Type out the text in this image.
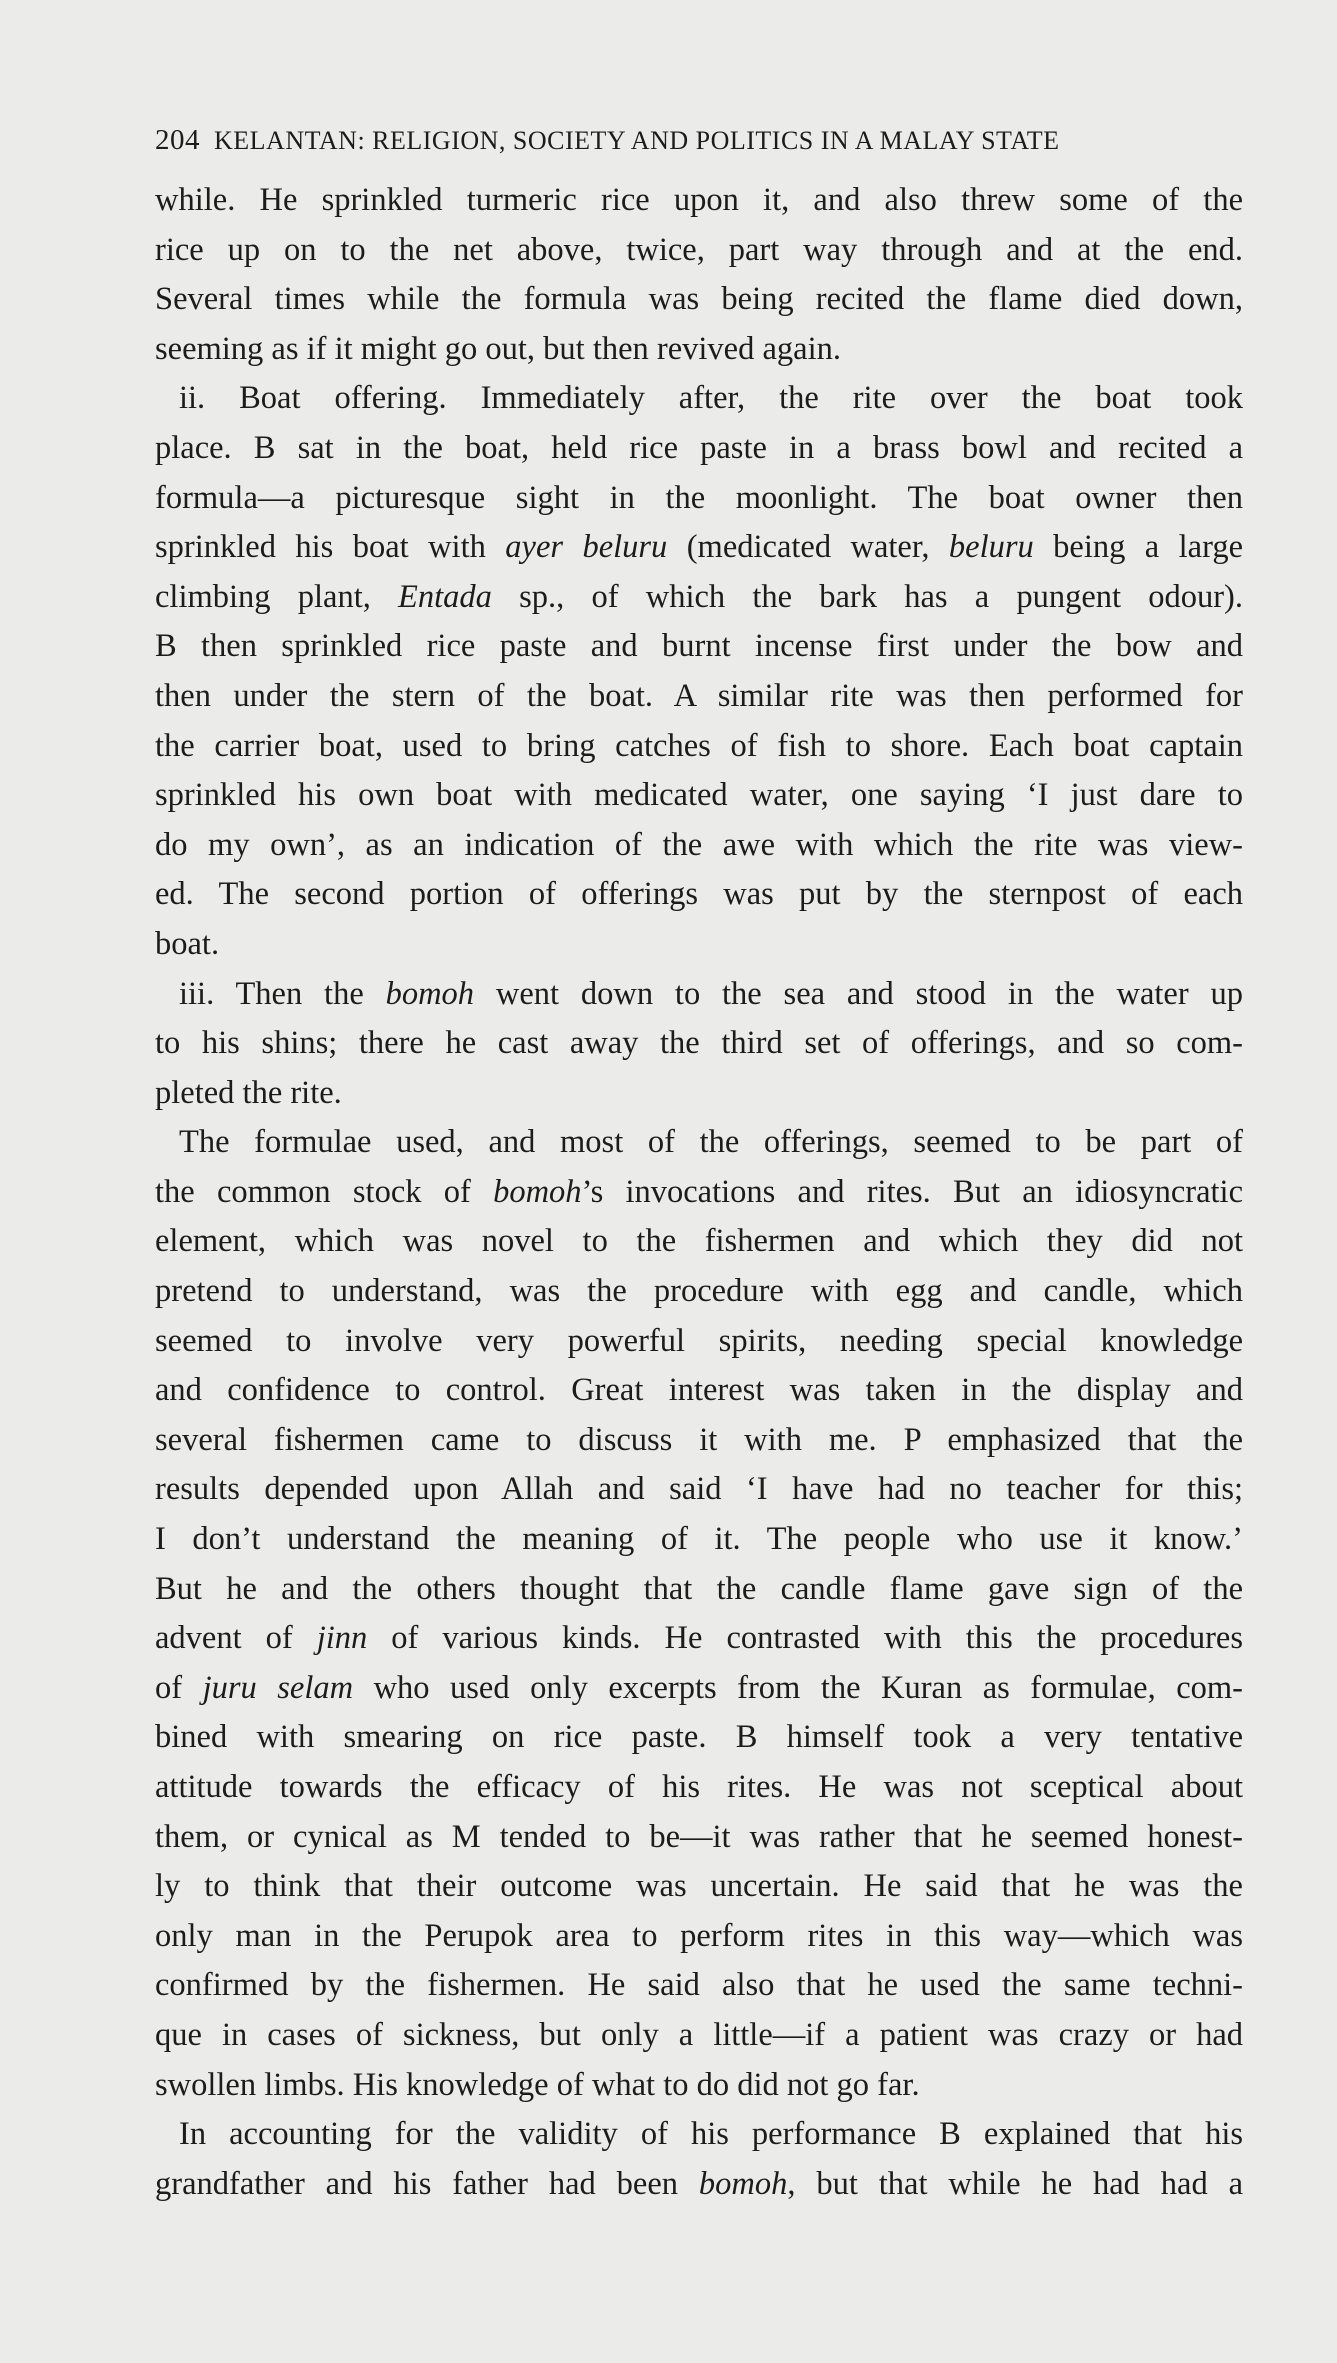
204 KELANTAN: RELIGION, SOCIETY AND POLITICS IN A MALAY STATE
while. He sprinkled turmeric rice upon it, and also threw some of the
rice up on to the net above, twice, part way through and at the end.
Several times while the formula was being recited the flame died down,
seeming as if it might go out, but then revived again.
ii. Boat offering. Immediately after, the rite over the boat took
place. B sat in the boat, held rice paste in a brass bowl and recited a
formula—a picturesque sight in the moonlight. The boat owner then
sprinkled his boat with ayer beluru (medicated water, beluru being a large
climbing plant, Entada sp., of which the bark has a pungent odour).
B then sprinkled rice paste and burnt incense first under the bow and
then under the stern of the boat. A similar rite was then performed for
the carrier boat, used to bring catches of fish to shore. Each boat captain
sprinkled his own boat with medicated water, one saying ‘I just dare to
do my own’, as an indication of the awe with which the rite was view-
ed. The second portion of offerings was put by the sternpost of each
boat.
iii. Then the bomoh went down to the sea and stood in the water up
to his shins; there he cast away the third set of offerings, and so com-
pleted the rite.
The formulae used, and most of the offerings, seemed to be part of
the common stock of bomoh’s invocations and rites. But an idiosyncratic
element, which was novel to the fishermen and which they did not
pretend to understand, was the procedure with egg and candle, which
seemed to involve very powerful spirits, needing special knowledge
and confidence to control. Great interest was taken in the display and
several fishermen came to discuss it with me. P emphasized that the
results depended upon Allah and said ‘I have had no teacher for this;
I don’t understand the meaning of it. The people who use it know.’
But he and the others thought that the candle flame gave sign of the
advent of jinn of various kinds. He contrasted with this the procedures
of juru selam who used only excerpts from the Kuran as formulae, com-
bined with smearing on rice paste. B himself took a very tentative
attitude towards the efficacy of his rites. He was not sceptical about
them, or cynical as M tended to be—it was rather that he seemed honest-
ly to think that their outcome was uncertain. He said that he was the
only man in the Perupok area to perform rites in this way—which was
confirmed by the fishermen. He said also that he used the same techni-
que in cases of sickness, but only a little—if a patient was crazy or had
swollen limbs. His knowledge of what to do did not go far.
In accounting for the validity of his performance B explained that his
grandfather and his father had been bomoh, but that while he had had a
